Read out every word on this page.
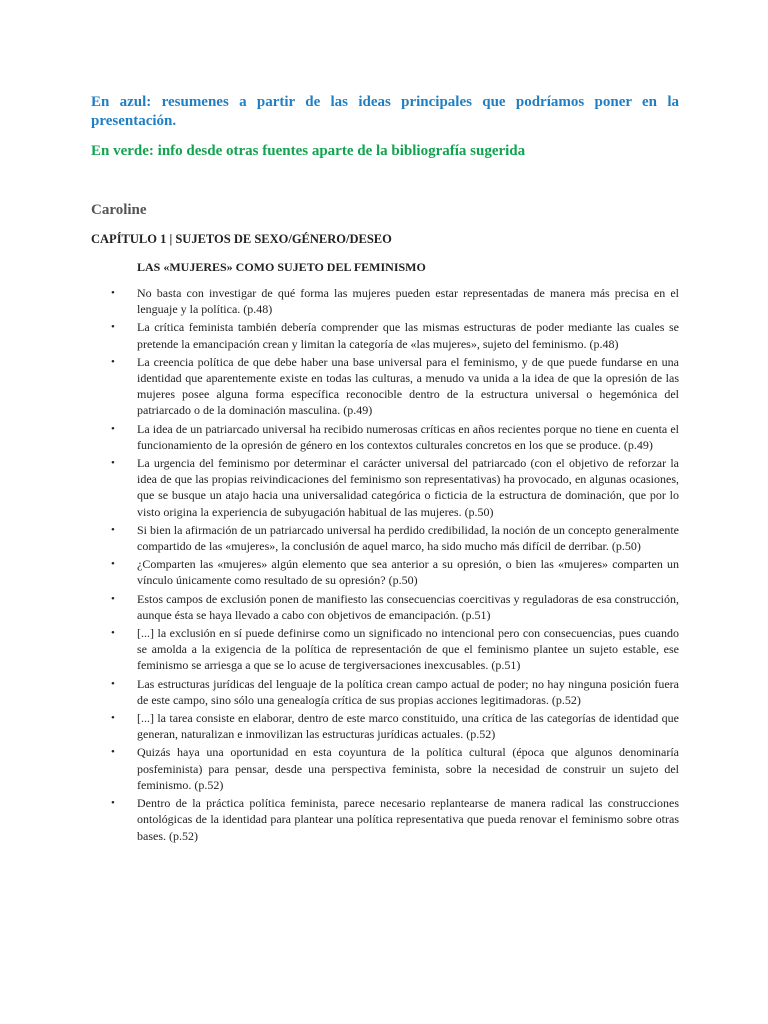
En azul: resumenes a partir de las ideas principales que podríamos poner en la presentación.
En verde: info desde otras fuentes aparte de la bibliografía sugerida
Caroline
CAPÍTULO 1 | SUJETOS DE SEXO/GÉNERO/DESEO
LAS «MUJERES» COMO SUJETO DEL FEMINISMO
• No basta con investigar de qué forma las mujeres pueden estar representadas de manera más precisa en el lenguaje y la política. (p.48)
• La crítica feminista también debería comprender que las mismas estructuras de poder mediante las cuales se pretende la emancipación crean y limitan la categoría de «las mujeres», sujeto del feminismo. (p.48)
• La creencia política de que debe haber una base universal para el feminismo, y de que puede fundarse en una identidad que aparentemente existe en todas las culturas, a menudo va unida a la idea de que la opresión de las mujeres posee alguna forma específica reconocible dentro de la estructura universal o hegemónica del patriarcado o de la dominación masculina. (p.49)
• La idea de un patriarcado universal ha recibido numerosas críticas en años recientes porque no tiene en cuenta el funcionamiento de la opresión de género en los contextos culturales concretos en los que se produce. (p.49)
• La urgencia del feminismo por determinar el carácter universal del patriarcado (con el objetivo de reforzar la idea de que las propias reivindicaciones del feminismo son representativas) ha provocado, en algunas ocasiones, que se busque un atajo hacia una universalidad categórica o ficticia de la estructura de dominación, que por lo visto origina la experiencia de subyugación habitual de las mujeres. (p.50)
• Si bien la afirmación de un patriarcado universal ha perdido credibilidad, la noción de un concepto generalmente compartido de las «mujeres», la conclusión de aquel marco, ha sido mucho más difícil de derribar. (p.50)
• ¿Comparten las «mujeres» algún elemento que sea anterior a su opresión, o bien las «mujeres» comparten un vínculo únicamente como resultado de su opresión? (p.50)
• Estos campos de exclusión ponen de manifiesto las consecuencias coercitivas y reguladoras de esa construcción, aunque ésta se haya llevado a cabo con objetivos de emancipación. (p.51)
• [...] la exclusión en sí puede definirse como un significado no intencional pero con consecuencias, pues cuando se amolda a la exigencia de la política de representación de que el feminismo plantee un sujeto estable, ese feminismo se arriesga a que se lo acuse de tergiversaciones inexcusables. (p.51)
• Las estructuras jurídicas del lenguaje de la política crean campo actual de poder; no hay ninguna posición fuera de este campo, sino sólo una genealogía crítica de sus propias acciones legitimadoras. (p.52)
• [...] la tarea consiste en elaborar, dentro de este marco constituido, una crítica de las categorías de identidad que generan, naturalizan e inmovilizan las estructuras jurídicas actuales. (p.52)
• Quizás haya una oportunidad en esta coyuntura de la política cultural (época que algunos denominaría posfeminista) para pensar, desde una perspectiva feminista, sobre la necesidad de construir un sujeto del feminismo. (p.52)
• Dentro de la práctica política feminista, parece necesario replantearse de manera radical las construcciones ontológicas de la identidad para plantear una política representativa que pueda renovar el feminismo sobre otras bases. (p.52)
